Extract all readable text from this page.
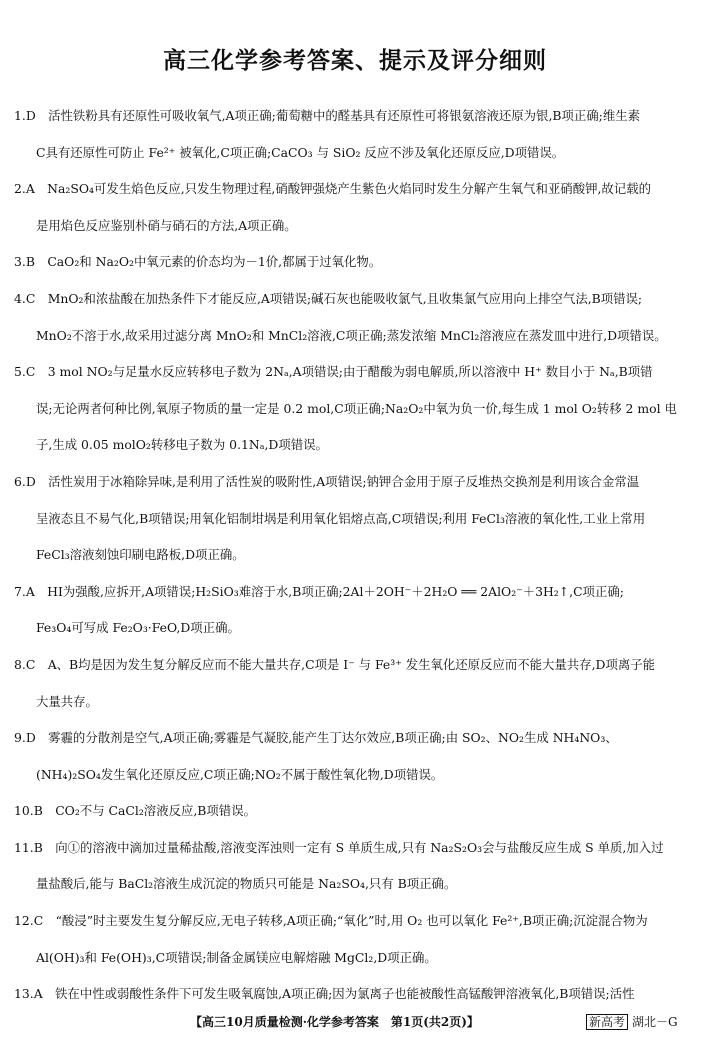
高三化学参考答案、提示及评分细则
1.D　活性铁粉具有还原性可吸收氧气,A项正确;葡萄糖中的醛基具有还原性可将银氨溶液还原为银,B项正确;维生素
C具有还原性可防止 Fe²⁺ 被氧化,C项正确;CaCO₃ 与 SiO₂ 反应不涉及氧化还原反应,D项错误。
2.A　Na₂SO₄可发生焰色反应,只发生物理过程,硝酸钾强烧产生紫色火焰同时发生分解产生氧气和亚硝酸钾,故记载的
是用焰色反应鉴别朴硝与硝石的方法,A项正确。
3.B　CaO₂和 Na₂O₂中氧元素的价态均为－1价,都属于过氧化物。
4.C　MnO₂和浓盐酸在加热条件下才能反应,A项错误;碱石灰也能吸收氯气,且收集氯气应用向上排空气法,B项错误;
MnO₂不溶于水,故采用过滤分离 MnO₂和 MnCl₂溶液,C项正确;蒸发浓缩 MnCl₂溶液应在蒸发皿中进行,D项错误。
5.C　3 mol NO₂与足量水反应转移电子数为 2Nₐ,A项错误;由于醋酸为弱电解质,所以溶液中 H⁺ 数目小于 Nₐ,B项错
误;无论两者何种比例,氧原子物质的量一定是 0.2 mol,C项正确;Na₂O₂中氧为负一价,每生成 1 mol O₂转移 2 mol 电
子,生成 0.05 molO₂转移电子数为 0.1Nₐ,D项错误。
6.D　活性炭用于冰箱除异味,是利用了活性炭的吸附性,A项错误;钠钾合金用于原子反堆热交换剂是利用该合金常温
呈液态且不易气化,B项错误;用氧化铝制坩埚是利用氧化铝熔点高,C项错误;利用 FeCl₃溶液的氧化性,工业上常用
FeCl₃溶液刻蚀印刷电路板,D项正确。
7.A　HI为强酸,应拆开,A项错误;H₂SiO₃难溶于水,B项正确;2Al＋2OH⁻＋2H₂O ══ 2AlO₂⁻＋3H₂↑,C项正确;
Fe₃O₄可写成 Fe₂O₃·FeO,D项正确。
8.C　A、B均是因为发生复分解反应而不能大量共存,C项是 I⁻ 与 Fe³⁺ 发生氧化还原反应而不能大量共存,D项离子能
大量共存。
9.D　雾霾的分散剂是空气,A项正确;雾霾是气凝胶,能产生丁达尔效应,B项正确;由 SO₂、NO₂生成 NH₄NO₃、
(NH₄)₂SO₄发生氧化还原反应,C项正确;NO₂不属于酸性氧化物,D项错误。
10.B　CO₂不与 CaCl₂溶液反应,B项错误。
11.B　向①的溶液中滴加过量稀盐酸,溶液变浑浊则一定有 S 单质生成,只有 Na₂S₂O₃会与盐酸反应生成 S 单质,加入过
量盐酸后,能与 BaCl₂溶液生成沉淀的物质只可能是 Na₂SO₄,只有 B项正确。
12.C　“酸浸”时主要发生复分解反应,无电子转移,A项正确;“氧化”时,用 O₂ 也可以氧化 Fe²⁺,B项正确;沉淀混合物为
Al(OH)₃和 Fe(OH)₃,C项错误;制备金属镁应电解熔融 MgCl₂,D项正确。
13.A　铁在中性或弱酸性条件下可发生吸氧腐蚀,A项正确;因为氯离子也能被酸性高锰酸钾溶液氧化,B项错误;活性
【高三10月质量检测·化学参考答案　第1页(共2页)】	新高考 湖北－G
